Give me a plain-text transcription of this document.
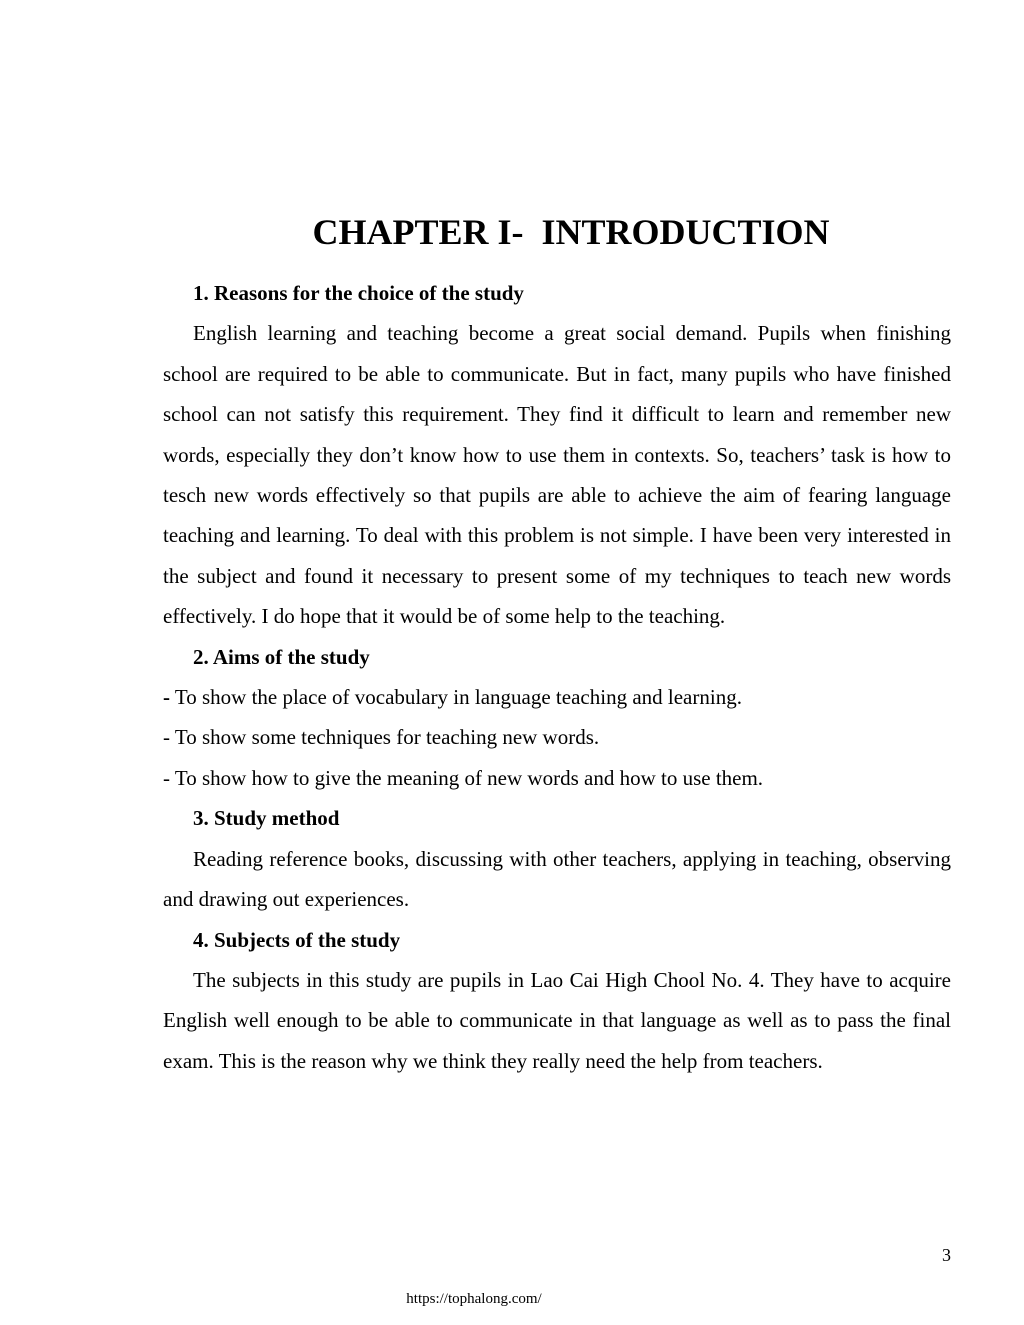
CHAPTER I-  INTRODUCTION

1. Reasons for the choice of the study

English learning and teaching become a great social demand. Pupils when finishing school are required to be able to communicate. But in fact, many pupils who have finished school can not satisfy this requirement. They find it difficult to learn and remember new words, especially they don’t know how to use them in contexts. So, teachers’ task is how to tesch new words effectively so that pupils are able to achieve the aim of fearing language teaching and learning. To deal with this problem is not simple. I have been very interested in the subject and found it necessary to present some of my techniques to teach new words effectively. I do hope that it would be of some help to the teaching.

2. Aims of the study

- To show the place of vocabulary in language teaching and learning.

- To show some techniques for teaching new words.

- To show how to give the meaning of new words and how to use them.

3. Study method

Reading reference books, discussing with other teachers, applying in teaching, observing and drawing out experiences.

4. Subjects of the study

The subjects in this study are pupils in Lao Cai High Chool No. 4. They have to acquire English well enough to be able to communicate in that language as well as to pass the final exam. This is the reason why we think they really need the help from teachers.

3
https://tophalong.com/
